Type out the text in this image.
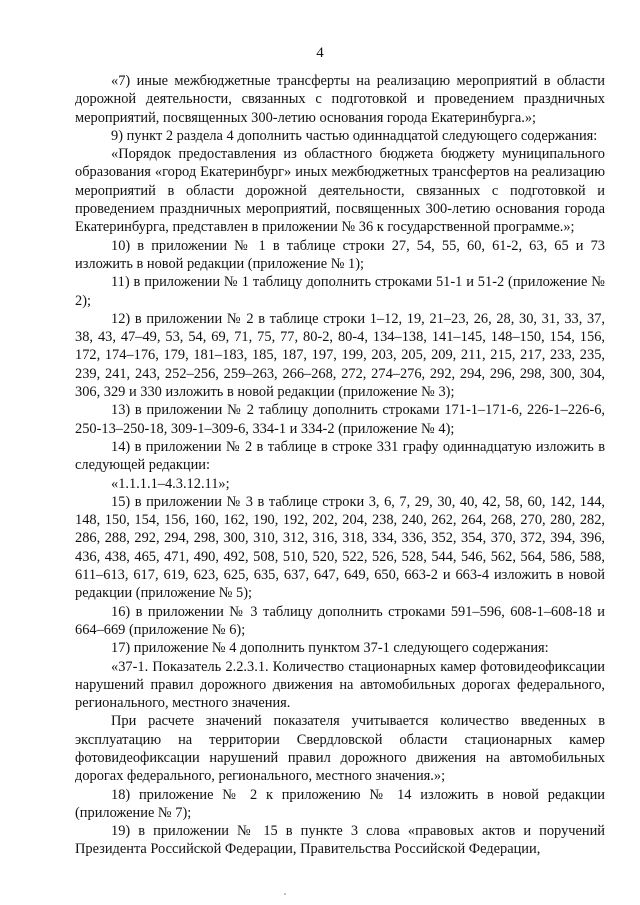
4

«7) иные межбюджетные трансферты на реализацию мероприятий в области дорожной деятельности, связанных с подготовкой и проведением праздничных мероприятий, посвященных 300-летию основания города Екатеринбурга.»;

9) пункт 2 раздела 4 дополнить частью одиннадцатой следующего содержания:

«Порядок предоставления из областного бюджета бюджету муниципального образования «город Екатеринбург» иных межбюджетных трансфертов на реализацию мероприятий в области дорожной деятельности, связанных с подготовкой и проведением праздничных мероприятий, посвященных 300-летию основания города Екатеринбурга, представлен в приложении № 36 к государственной программе.»;

10) в приложении № 1 в таблице строки 27, 54, 55, 60, 61-2, 63, 65 и 73 изложить в новой редакции (приложение № 1);

11) в приложении № 1 таблицу дополнить строками 51-1 и 51-2 (приложение № 2);

12) в приложении № 2 в таблице строки 1–12, 19, 21–23, 26, 28, 30, 31, 33, 37, 38, 43, 47–49, 53, 54, 69, 71, 75, 77, 80-2, 80-4, 134–138, 141–145, 148–150, 154, 156, 172, 174–176, 179, 181–183, 185, 187, 197, 199, 203, 205, 209, 211, 215, 217, 233, 235, 239, 241, 243, 252–256, 259–263, 266–268, 272, 274–276, 292, 294, 296, 298, 300, 304, 306, 329 и 330 изложить в новой редакции (приложение № 3);

13) в приложении № 2 таблицу дополнить строками 171-1–171-6, 226-1–226-6, 250-13–250-18, 309-1–309-6, 334-1 и 334-2 (приложение № 4);

14) в приложении № 2 в таблице в строке 331 графу одиннадцатую изложить в следующей редакции:

«1.1.1.1–4.3.12.11»;

15) в приложении № 3 в таблице строки 3, 6, 7, 29, 30, 40, 42, 58, 60, 142, 144, 148, 150, 154, 156, 160, 162, 190, 192, 202, 204, 238, 240, 262, 264, 268, 270, 280, 282, 286, 288, 292, 294, 298, 300, 310, 312, 316, 318, 334, 336, 352, 354, 370, 372, 394, 396, 436, 438, 465, 471, 490, 492, 508, 510, 520, 522, 526, 528, 544, 546, 562, 564, 586, 588, 611–613, 617, 619, 623, 625, 635, 637, 647, 649, 650, 663-2 и 663-4 изложить в новой редакции (приложение № 5);

16) в приложении № 3 таблицу дополнить строками 591–596, 608-1–608-18 и 664–669 (приложение № 6);

17) приложение № 4 дополнить пунктом 37-1 следующего содержания:

«37-1. Показатель 2.2.3.1. Количество стационарных камер фотовидеофиксации нарушений правил дорожного движения на автомобильных дорогах федерального, регионального, местного значения.

При расчете значений показателя учитывается количество введенных в эксплуатацию на территории Свердловской области стационарных камер фотовидеофиксации нарушений правил дорожного движения на автомобильных дорогах федерального, регионального, местного значения.»;

18) приложение № 2 к приложению № 14 изложить в новой редакции (приложение № 7);

19) в приложении № 15 в пункте 3 слова «правовых актов и поручений Президента Российской Федерации, Правительства Российской Федерации,
